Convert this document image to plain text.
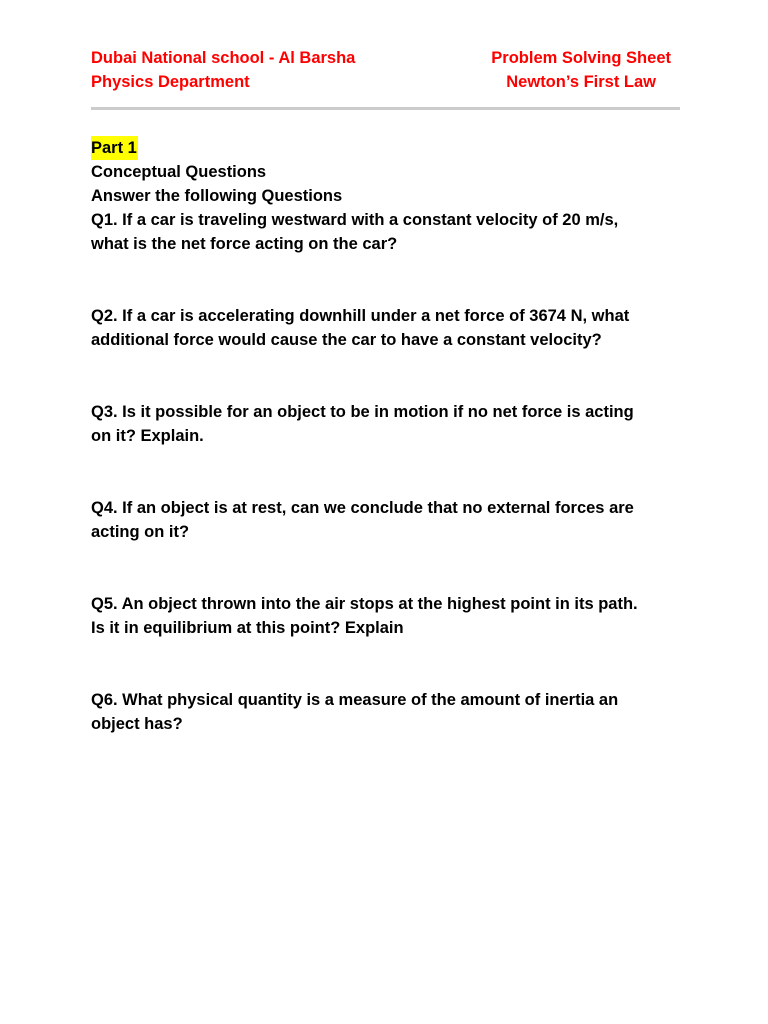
Dubai National school - Al Barsha
Physics Department
Problem Solving Sheet
Newton’s First Law
Part 1
Conceptual Questions
Answer the following Questions
Q1. If a car is traveling westward with a constant velocity of 20 m/s,
what is the net force acting on the car?
Q2. If a car is accelerating downhill under a net force of 3674 N, what
additional force would cause the car to have a constant velocity?
Q3. Is it possible for an object to be in motion if no net force is acting
on it? Explain.
Q4. If an object is at rest, can we conclude that no external forces are
acting on it?
Q5. An object thrown into the air stops at the highest point in its path.
Is it in equilibrium at this point? Explain
Q6. What physical quantity is a measure of the amount of inertia an
object has?
